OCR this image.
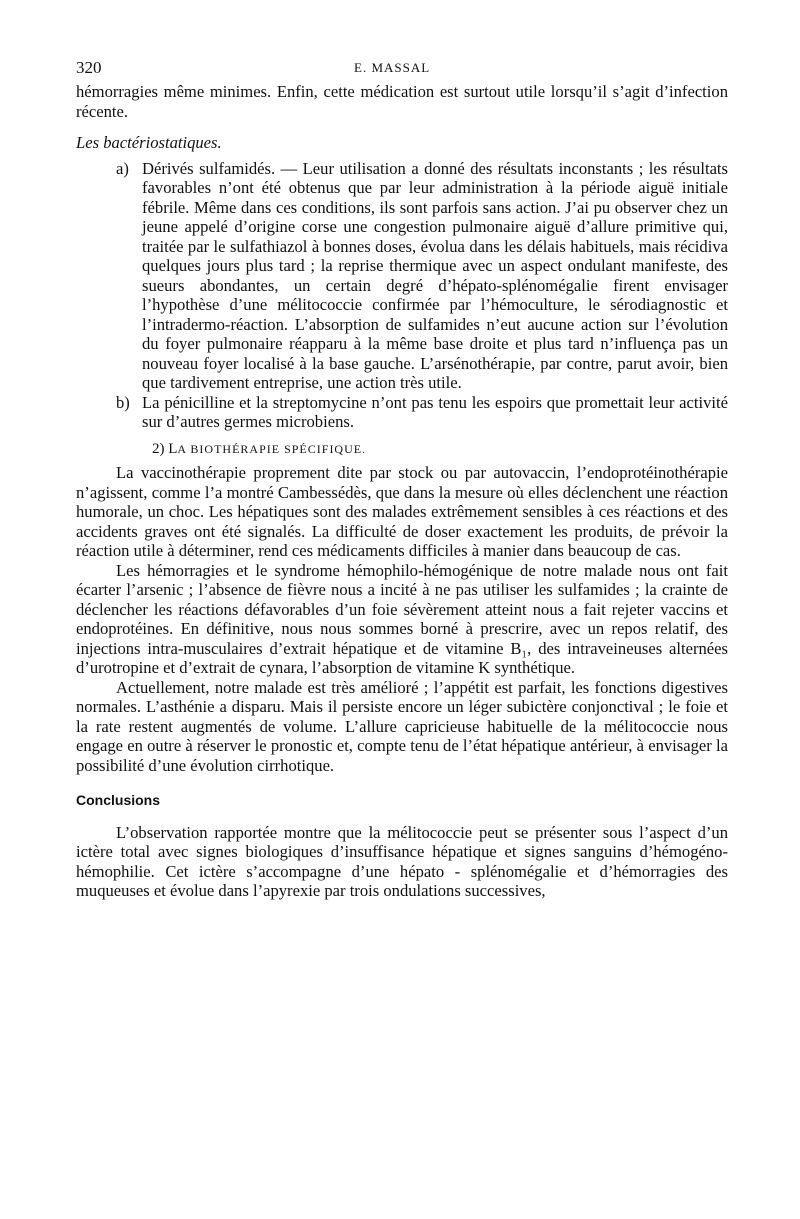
320	E. MASSAL

hémorragies même minimes. Enfin, cette médication est surtout utile lorsqu’il s’agit d’infection récente.

Les bactériostatiques.

a) Dérivés sulfamidés. — Leur utilisation a donné des résultats inconstants ; les résultats favorables n’ont été obtenus que par leur administration à la période aiguë initiale fébrile. Même dans ces conditions, ils sont parfois sans action. J’ai pu observer chez un jeune appelé d’origine corse une congestion pulmonaire aiguë d’allure primitive qui, traitée par le sulfathiazol à bonnes doses, évolua dans les délais habituels, mais récidiva quelques jours plus tard ; la reprise thermique avec un aspect ondulant manifeste, des sueurs abondantes, un certain degré d’hépato-splénomégalie firent envisager l’hypothèse d’une mélitococcie confirmée par l’hémoculture, le sérodiagnostic et l’intradermo-réaction. L’absorption de sulfamides n’eut aucune action sur l’évolution du foyer pulmonaire réapparu à la même base droite et plus tard n’influença pas un nouveau foyer localisé à la base gauche. L’arsénothérapie, par contre, parut avoir, bien que tardivement entreprise, une action très utile.

b) La pénicilline et la streptomycine n’ont pas tenu les espoirs que promettait leur activité sur d’autres germes microbiens.

2) LA BIOTHÉRAPIE SPÉCIFIQUE.

La vaccinothérapie proprement dite par stock ou par autovaccin, l’endoprotéinothérapie n’agissent, comme l’a montré Cambessédès, que dans la mesure où elles déclenchent une réaction humorale, un choc. Les hépatiques sont des malades extrêmement sensibles à ces réactions et des accidents graves ont été signalés. La difficulté de doser exactement les produits, de prévoir la réaction utile à déterminer, rend ces médicaments difficiles à manier dans beaucoup de cas.

Les hémorragies et le syndrome hémophilo-hémogénique de notre malade nous ont fait écarter l’arsenic ; l’absence de fièvre nous a incité à ne pas utiliser les sulfamides ; la crainte de déclencher les réactions défavorables d’un foie sévèrement atteint nous a fait rejeter vaccins et endoprotéines. En définitive, nous nous sommes borné à prescrire, avec un repos relatif, des injections intra-musculaires d’extrait hépatique et de vitamine B₁, des intraveineuses alternées d’urotropine et d’extrait de cynara, l’absorption de vitamine K synthétique.

Actuellement, notre malade est très amélioré ; l’appétit est parfait, les fonctions digestives normales. L’asthénie a disparu. Mais il persiste encore un léger subictère conjonctival ; le foie et la rate restent augmentés de volume. L’allure capricieuse habituelle de la mélitococcie nous engage en outre à réserver le pronostic et, compte tenu de l’état hépatique antérieur, à envisager la possibilité d’une évolution cirrhotique.

Conclusions

L’observation rapportée montre que la mélitococcie peut se présenter sous l’aspect d’un ictère total avec signes biologiques d’insuffisance hépatique et signes sanguins d’hémogéno-hémophilie. Cet ictère s’accompagne d’une hépato - splénomégalie et d’hémorragies des muqueuses et évolue dans l’apyrexie par trois ondulations successives,
